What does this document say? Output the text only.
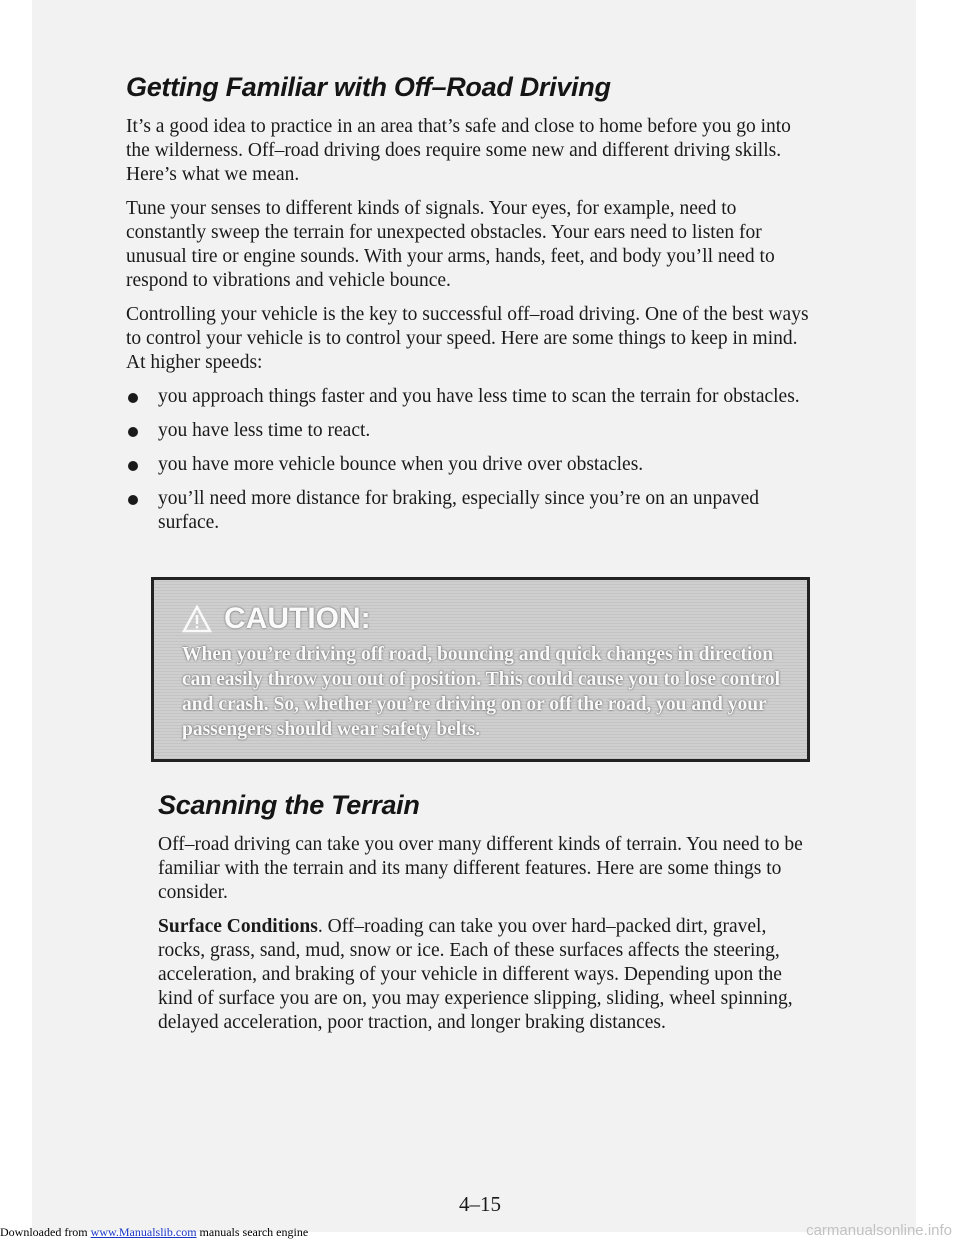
Getting Familiar with Off–Road Driving

It’s a good idea to practice in an area that’s safe and close to home before you go into the wilderness. Off–road driving does require some new and different driving skills. Here’s what we mean.

Tune your senses to different kinds of signals. Your eyes, for example, need to constantly sweep the terrain for unexpected obstacles. Your ears need to listen for unusual tire or engine sounds. With your arms, hands, feet, and body you’ll need to respond to vibrations and vehicle bounce.

Controlling your vehicle is the key to successful off–road driving. One of the best ways to control your vehicle is to control your speed. Here are some things to keep in mind. At higher speeds:

you approach things faster and you have less time to scan the terrain for obstacles.
you have less time to react.
you have more vehicle bounce when you drive over obstacles.
you’ll need more distance for braking, especially since you’re on an unpaved surface.
CAUTION:
When you’re driving off road, bouncing and quick changes in direction can easily throw you out of position. This could cause you to lose control and crash. So, whether you’re driving on or off the road, you and your passengers should wear safety belts.
Scanning the Terrain

Off–road driving can take you over many different kinds of terrain. You need to be familiar with the terrain and its many different features. Here are some things to consider.

Surface Conditions. Off–roading can take you over hard–packed dirt, gravel, rocks, grass, sand, mud, snow or ice. Each of these surfaces affects the steering, acceleration, and braking of your vehicle in different ways. Depending upon the kind of surface you are on, you may experience slipping, sliding, wheel spinning, delayed acceleration, poor traction, and longer braking distances.

4–15
Downloaded from www.Manualslib.com manuals search engine	carmanualsonline.info
